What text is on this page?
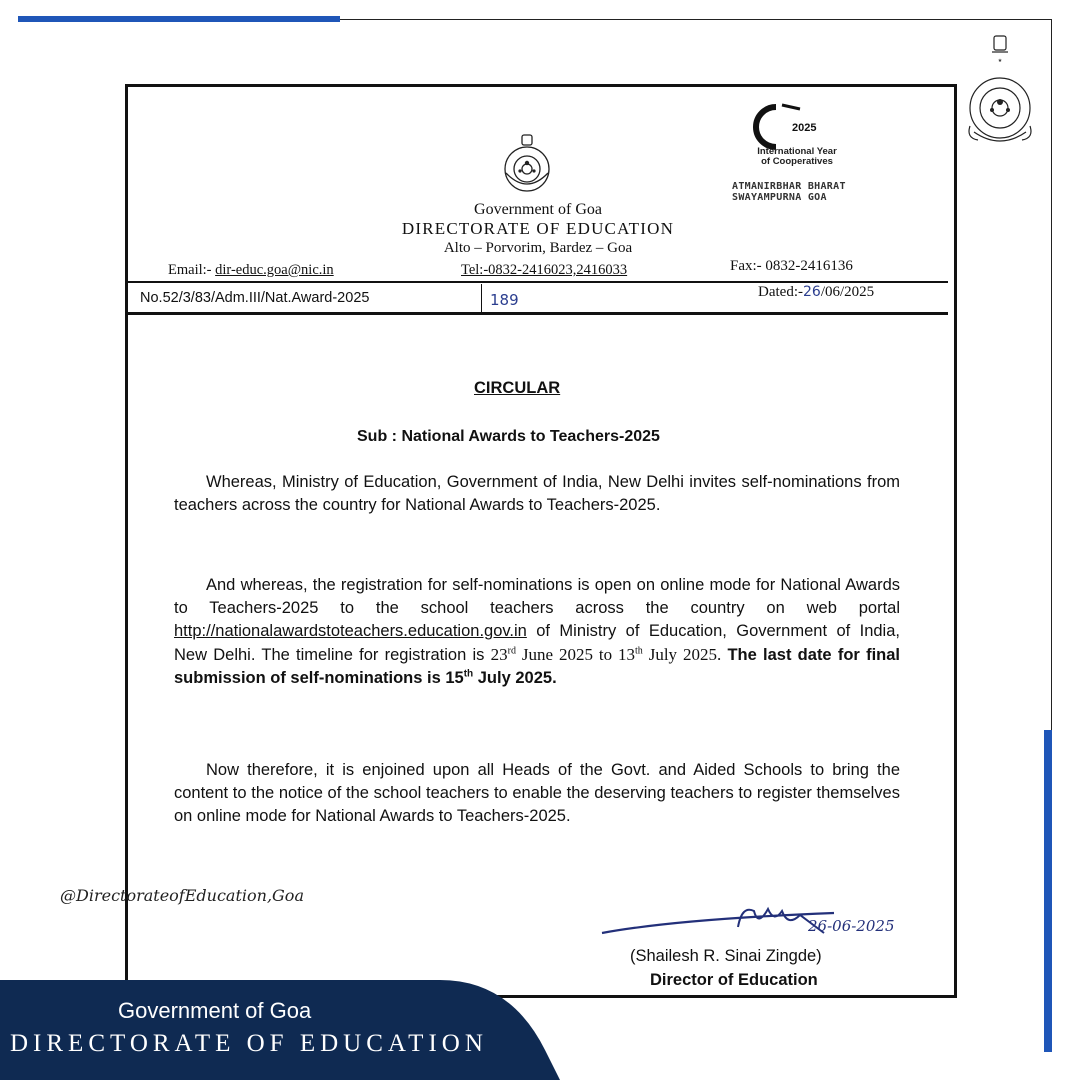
★
2025
International Year
of Cooperatives
ATMANIRBHAR BHARAT
SWAYAMPURNA GOA
Government of Goa
DIRECTORATE OF EDUCATION
Alto – Porvorim, Bardez – Goa
Email:- dir-educ.goa@nic.in	Tel:-0832-2416023,2416033	Fax:- 0832-2416136
No.52/3/83/Adm.III/Nat.Award-2025	189	Dated:-26/06/2025
CIRCULAR
Sub : National Awards to Teachers-2025
Whereas, Ministry of Education, Government of India, New Delhi invites self-nominations from teachers across the country for National Awards to Teachers-2025.
And whereas, the registration for self-nominations is open on online mode for National Awards to Teachers-2025 to the school teachers across the country on web portal http://nationalawardstoteachers.education.gov.in of Ministry of Education, Government of India, New Delhi. The timeline for registration is 23rd June 2025 to 13th July 2025. The last date for final submission of self-nominations is 15th July 2025.
Now therefore, it is enjoined upon all Heads of the Govt. and Aided Schools to bring the content to the notice of the school teachers to enable the deserving teachers to register themselves on online mode for National Awards to Teachers-2025.
26-06-2025
(Shailesh R. Sinai Zingde)
Director of Education
@DirectorateofEducation,Goa
Government of Goa
DIRECTORATE OF EDUCATION
